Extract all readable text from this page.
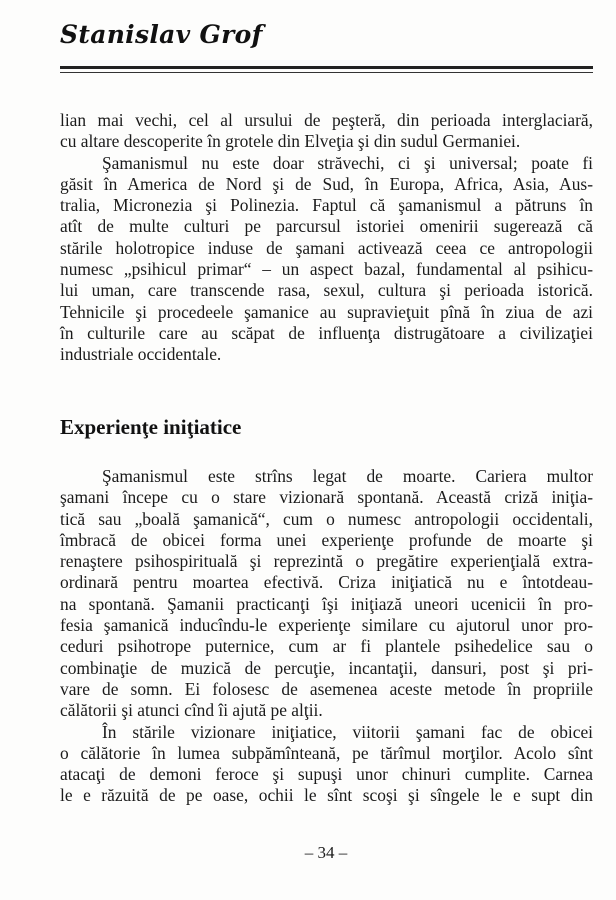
Stanislav Grof
lian mai vechi, cel al ursului de peşteră, din perioada interglaciară,
cu altare descoperite în grotele din Elveţia şi din sudul Germaniei.
Şamanismul nu este doar străvechi, ci şi universal; poate fi
găsit în America de Nord şi de Sud, în Europa, Africa, Asia, Aus-
tralia, Micronezia şi Polinezia. Faptul că şamanismul a pătruns în
atît de multe culturi pe parcursul istoriei omenirii sugerează că
stările holotropice induse de şamani activează ceea ce antropologii
numesc „psihicul primar“ – un aspect bazal, fundamental al psihicu-
lui uman, care transcende rasa, sexul, cultura şi perioada istorică.
Tehnicile şi procedeele şamanice au supravieţuit pînă în ziua de azi
în culturile care au scăpat de influenţa distrugătoare a civilizaţiei
industriale occidentale.
Experienţe iniţiatice
Şamanismul este strîns legat de moarte. Cariera multor
şamani începe cu o stare vizionară spontană. Această criză iniţia-
tică sau „boală şamanică“, cum o numesc antropologii occidentali,
îmbracă de obicei forma unei experienţe profunde de moarte şi
renaştere psihospirituală şi reprezintă o pregătire experienţială extra-
ordinară pentru moartea efectivă. Criza iniţiatică nu e întotdeau-
na spontană. Şamanii practicanţi îşi iniţiază uneori ucenicii în pro-
fesia şamanică inducîndu-le experienţe similare cu ajutorul unor pro-
ceduri psihotrope puternice, cum ar fi plantele psihedelice sau o
combinaţie de muzică de percuţie, incantaţii, dansuri, post şi pri-
vare de somn. Ei folosesc de asemenea aceste metode în propriile
călătorii şi atunci cînd îi ajută pe alţii.
În stările vizionare iniţiatice, viitorii şamani fac de obicei
o călătorie în lumea subpămînteană, pe tărîmul morţilor. Acolo sînt
atacaţi de demoni feroce şi supuşi unor chinuri cumplite. Carnea
le e răzuită de pe oase, ochii le sînt scoşi şi sîngele le e supt din
– 34 –
